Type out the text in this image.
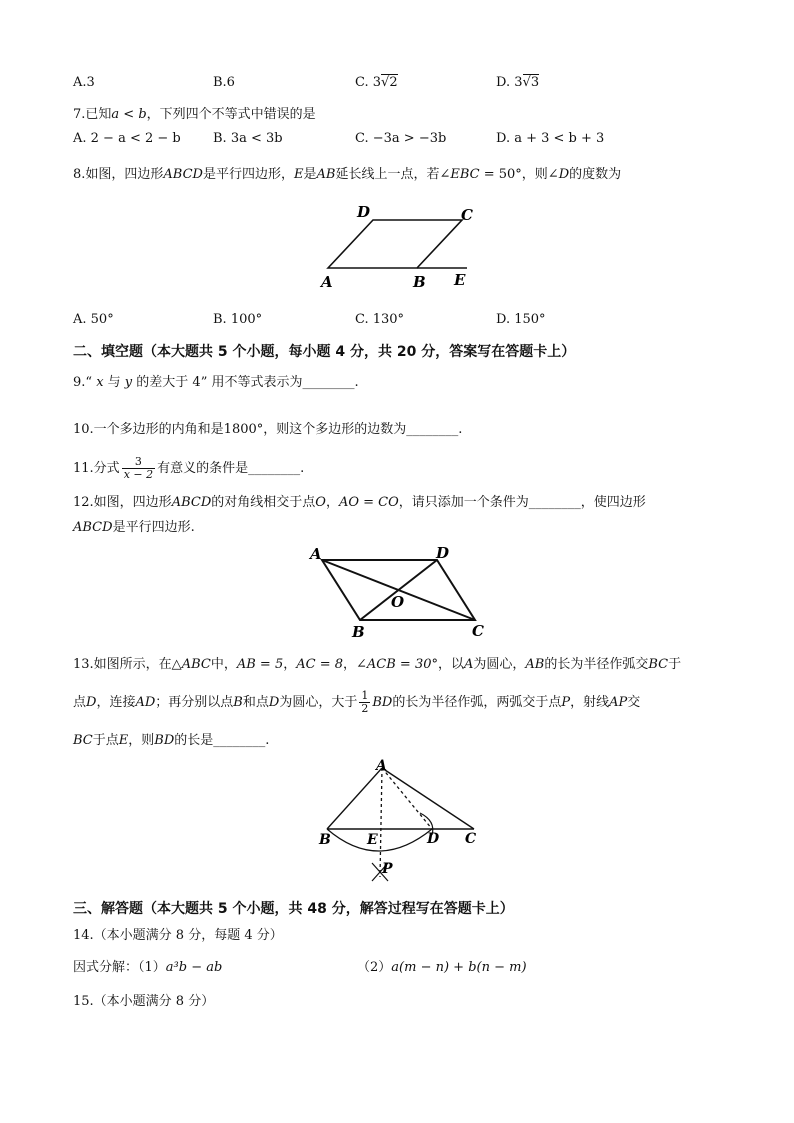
A.3	B.6	C. 3√2	D. 3√3
7.已知a < b，下列四个不等式中错误的是
A. 2 − a < 2 − b B. 3a < 3b	C. −3a > −3b	D. a + 3 < b + 3
8.如图，四边形ABCD是平行四边形，E是AB延长线上一点，若∠EBC = 50°，则∠D的度数为
D	C
A	B E
A. 50°	B. 100°	C. 130°	D. 150°
二、填空题（本大题共 5 个小题，每小题 4 分，共 20 分，答案写在答题卡上）
9.“ x 与 y 的差大于 4” 用不等式表示为________.
10.一个多边形的内角和是1800°，则这个多边形的边数为________.
11.分式 $\frac{3}{x - 2}$ 有意义的条件是________.
12.如图，四边形ABCD的对角线相交于点O，AO = CO，请只添加一个条件为________，使四边形
ABCD是平行四边形.
A	D
O
B	C
13.如图所示，在△ABC中，AB = 5，AC = 8，∠ACB = 30°，以A为圆心，AB的长为半径作弧交BC于
点D，连接AD；再分别以点B和点D为圆心，大于 $\frac{1}{2}$ BD的长为半径作弧，两弧交于点P，射线AP交
BC于点E，则BD的长是________.
A
B	E	D C
P
三、解答题（本大题共 5 个小题，共 48 分，解答过程写在答题卡上）
14.（本小题满分 8 分，每题 4 分）
因式分解：（1）a³b − ab	（2）a(m − n) + b(n − m)
15.（本小题满分 8 分）
